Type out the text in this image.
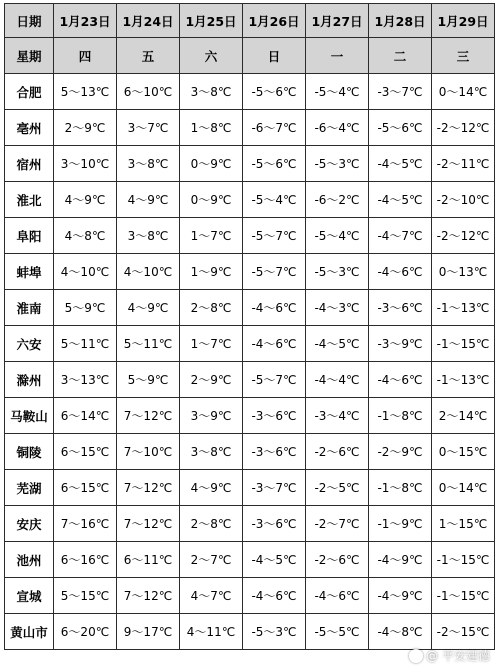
日期	1月23日	1月24日	1月25日	1月26日	1月27日	1月28日	1月29日
星期	四	五	六	日	一	二	三
合肥	5～13℃	6～10℃	3～8℃	-5～6℃	-5～4℃	-3～7℃	0～14℃
亳州	2～9℃	3～7℃	1～8℃	-6～7℃	-6～4℃	-5～6℃	-2～12℃
宿州	3～10℃	3～8℃	0～9℃	-5～6℃	-5～3℃	-4～5℃	-2～11℃
淮北	4～9℃	4～9℃	0～9℃	-5～4℃	-6～2℃	-4～5℃	-2～10℃
阜阳	4～8℃	3～8℃	1～7℃	-5～7℃	-5～4℃	-4～7℃	-2～12℃
蚌埠	4～10℃	4～10℃	1～9℃	-5～7℃	-5～3℃	-4～6℃	0～13℃
淮南	5～9℃	4～9℃	2～8℃	-4～6℃	-4～3℃	-3～6℃	-1～13℃
六安	5～11℃	5～11℃	1～7℃	-4～6℃	-4～5℃	-3～9℃	-1～15℃
滁州	3～13℃	5～9℃	2～9℃	-5～7℃	-4～4℃	-4～6℃	-1～13℃
马鞍山	6～14℃	7～12℃	3～9℃	-3～6℃	-3～4℃	-1～8℃	2～14℃
铜陵	6～15℃	7～10℃	3～8℃	-3～6℃	-2～6℃	-2～9℃	0～15℃
芜湖	6～15℃	7～12℃	4～9℃	-3～7℃	-2～5℃	-1～8℃	0～14℃
安庆	7～16℃	7～12℃	2～8℃	-3～6℃	-2～7℃	-1～9℃	1～15℃
池州	6～16℃	6～11℃	2～7℃	-4～5℃	-2～6℃	-4～9℃	-1～15℃
宣城	5～15℃	7～12℃	4～7℃	-4～6℃	-4～6℃	-4～9℃	-1～15℃
黄山市	6～20℃	9～17℃	4～11℃	-5～3℃	-5～5℃	-4～8℃	-2～15℃
@ 平安建德
